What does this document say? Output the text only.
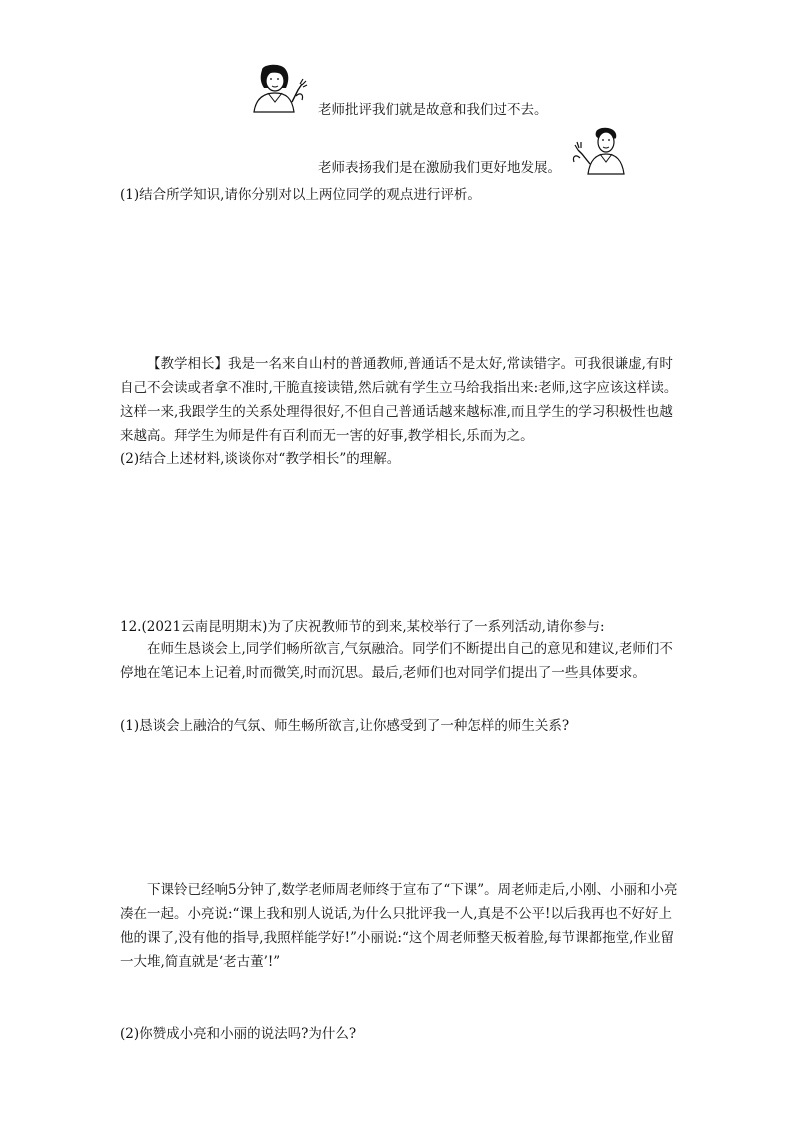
老师批评我们就是故意和我们过不去。
老师表扬我们是在激励我们更好地发展。
(1)结合所学知识,请你分别对以上两位同学的观点进行评析。
【教学相长】我是一名来自山村的普通教师,普通话不是太好,常读错字。可我很谦虚,有时自己不会读或者拿不准时,干脆直接读错,然后就有学生立马给我指出来:老师,这字应该这样读。这样一来,我跟学生的关系处理得很好,不但自己普通话越来越标准,而且学生的学习积极性也越来越高。拜学生为师是件有百利而无一害的好事,教学相长,乐而为之。
(2)结合上述材料,谈谈你对“教学相长”的理解。
12.(2021云南昆明期末)为了庆祝教师节的到来,某校举行了一系列活动,请你参与:
在师生恳谈会上,同学们畅所欲言,气氛融洽。同学们不断提出自己的意见和建议,老师们不停地在笔记本上记着,时而微笑,时而沉思。最后,老师们也对同学们提出了一些具体要求。
(1)恳谈会上融洽的气氛、师生畅所欲言,让你感受到了一种怎样的师生关系?
下课铃已经响5分钟了,数学老师周老师终于宣布了“下课”。周老师走后,小刚、小丽和小亮凑在一起。小亮说:“课上我和别人说话,为什么只批评我一人,真是不公平!以后我再也不好好上他的课了,没有他的指导,我照样能学好!”小丽说:“这个周老师整天板着脸,每节课都拖堂,作业留一大堆,简直就是‘老古董’!”
(2)你赞成小亮和小丽的说法吗?为什么?
